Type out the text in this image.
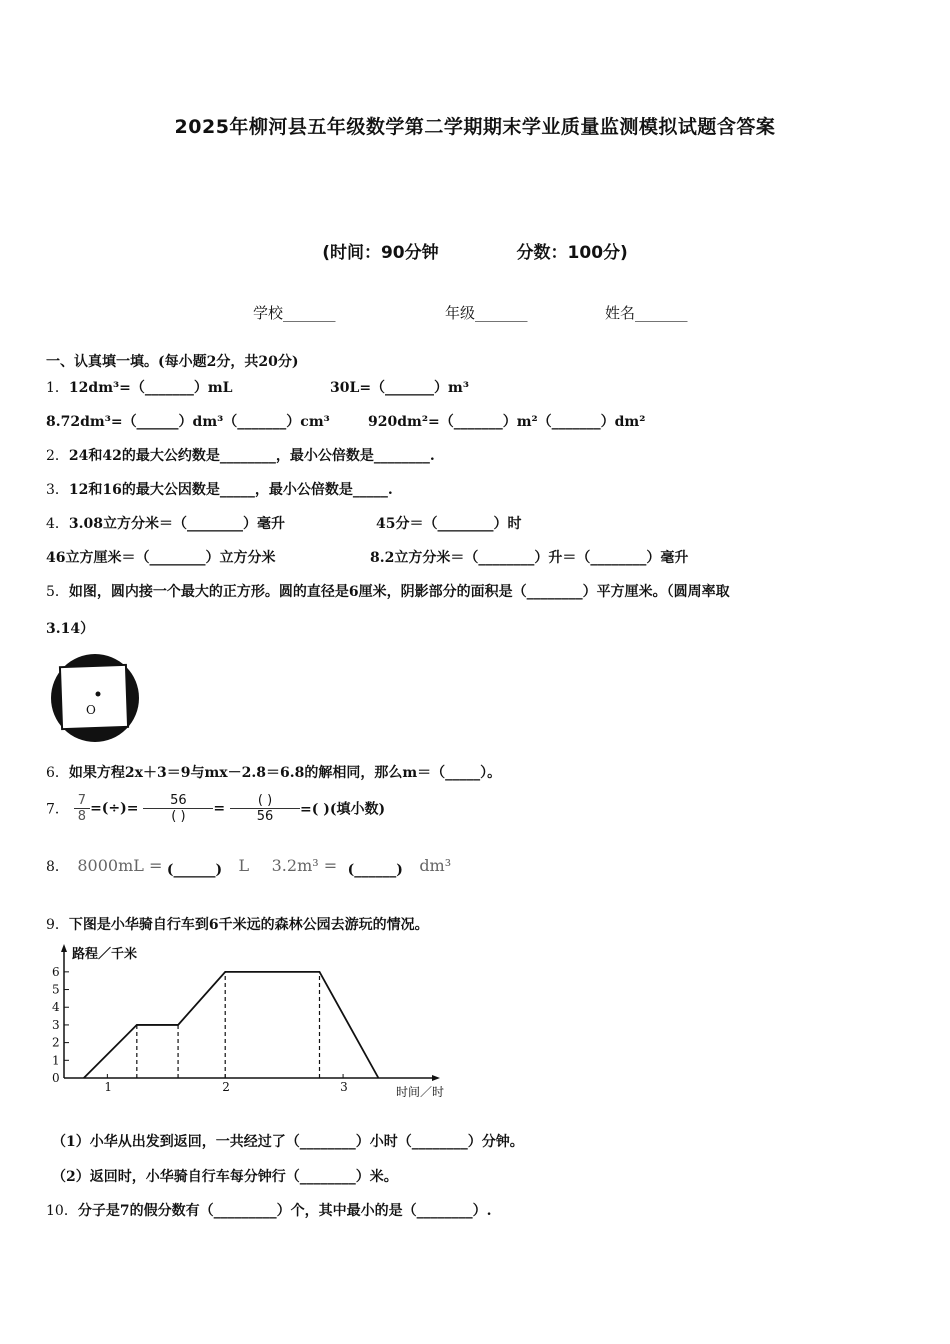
2025年柳河县五年级数学第二学期期末学业质量监测模拟试题含答案
(时间：90分钟	分数：100分)
学校_______	年级_______	姓名_______
一、认真填一填。(每小题2分，共20分)
1．12dm³=（_______）mL	30L=（_______）m³
8.72dm³=（______）dm³（_______）cm³	920dm²=（_______）m²（_______）dm²
2．24和42的最大公约数是________，最小公倍数是________.
3．12和16的最大公因数是_____，最小公倍数是_____.
4．3.08立方分米＝（________）毫升	45分＝（________）时
46立方厘米＝（________）立方分米	8.2立方分米＝（________）升＝（________）毫升
5．如图，圆内接一个最大的正方形。圆的直径是6厘米，阴影部分的面积是（________）平方厘米。（圆周率取
3.14）
O
6．如果方程2x＋3＝9与mx－2.8＝6.8的解相同，那么m＝（_____）。
7． $\frac{7}{8}$ =(÷)= $\frac{56}{( )} = \frac{( )}{56}$ =( )(填小数)
8． 8000mL = (______) L 3.2m³ = (______) dm³
9．下图是小华骑自行车到6千米远的森林公园去游玩的情况。
0
1
2
3
4
5
6
1	2	3
路程／千米
时间／时
（1）小华从出发到返回，一共经过了（________）小时（________）分钟。
（2）返回时，小华骑自行车每分钟行（________）米。
10．分子是7的假分数有（_________）个，其中最小的是（________）.
